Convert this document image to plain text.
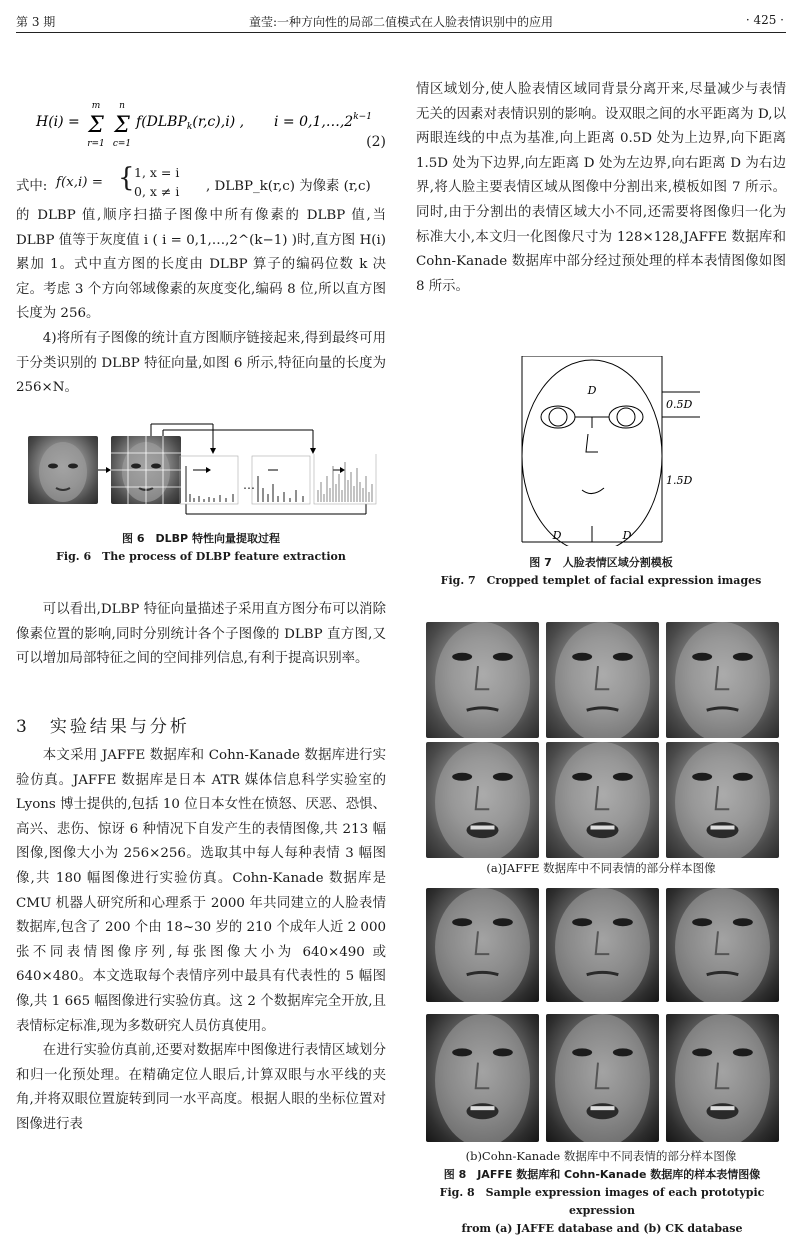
第 3 期	童莹:一种方向性的局部二值模式在人脸表情识别中的应用	· 425 ·
H(i) =
m
Σ
r=1
n
Σ
c=1
$f(DLBP_k(r,c),i)$ , $i = 0,1,\dots,2^k-1$
(2)
式中: f(x,i) = { 1, x = i
0, x ≠ i , DLBP_k(r,c) 为像素 (r,c)

的 DLBP 值,顺序扫描子图像中所有像素的 DLBP 值,当 DLBP 值等于灰度值 i ( i = 0,1,…,2^(k−1) )时,直方图 H(i) 累加 1。式中直方图的长度由 DLBP 算子的编码位数 k 决定。考虑 3 个方向邻域像素的灰度变化,编码 8 位,所以直方图长度为 256。

4)将所有子图像的统计直方图顺序链接起来,得到最终可用于分类识别的 DLBP 特征向量,如图 6 所示,特征向量的长度为 256×N。

…
图 6　DLBP 特性向量提取过程
Fig. 6　The process of DLBP feature extraction

可以看出,DLBP 特征向量描述子采用直方图分布可以消除像素位置的影响,同时分别统计各个子图像的 DLBP 直方图,又可以增加局部特征之间的空间排列信息,有利于提高识别率。

3　实验结果与分析

本文采用 JAFFE 数据库和 Cohn-Kanade 数据库进行实验仿真。JAFFE 数据库是日本 ATR 媒体信息科学实验室的 Lyons 博士提供的,包括 10 位日本女性在愤怒、厌恶、恐惧、高兴、悲伤、惊讶 6 种情况下自发产生的表情图像,共 213 幅图像,图像大小为 256×256。选取其中每人每种表情 3 幅图像,共 180 幅图像进行实验仿真。Cohn-Kanade 数据库是 CMU 机器人研究所和心理系于 2000 年共同建立的人脸表情数据库,包含了 200 个由 18~30 岁的 210 个成年人近 2 000 张不同表情图像序列,每张图像大小为 640×490 或 640×480。本文选取每个表情序列中最具有代表性的 5 幅图像,共 1 665 幅图像进行实验仿真。这 2 个数据库完全开放,且表情标定标准,现为多数研究人员仿真使用。

在进行实验仿真前,还要对数据库中图像进行表情区域划分和归一化预处理。在精确定位人眼后,计算双眼与水平线的夹角,并将双眼位置旋转到同一水平高度。根据人眼的坐标位置对图像进行表

情区域划分,使人脸表情区域同背景分离开来,尽量减少与表情无关的因素对表情识别的影响。设双眼之间的水平距离为 D,以两眼连线的中点为基准,向上距离 0.5D 处为上边界,向下距离 1.5D 处为下边界,向左距离 D 处为左边界,向右距离 D 为右边界,将人脸主要表情区域从图像中分割出来,模板如图 7 所示。同时,由于分割出的表情区域大小不同,还需要将图像归一化为标准大小,本文归一化图像尺寸为 128×128,JAFFE 数据库和 Cohn-Kanade 数据库中部分经过预处理的样本表情图像如图 8 所示。

D
0.5D
1.5D
D	D
图 7　人脸表情区域分割模板
Fig. 7　Cropped templet of facial expression images
(a)JAFFE 数据库中不同表情的部分样本图像
(b)Cohn-Kanade 数据库中不同表情的部分样本图像
图 8　JAFFE 数据库和 Cohn-Kanade 数据库的样本表情图像
Fig. 8　Sample expression images of each prototypic expression
from (a) JAFFE database and (b) CK database
